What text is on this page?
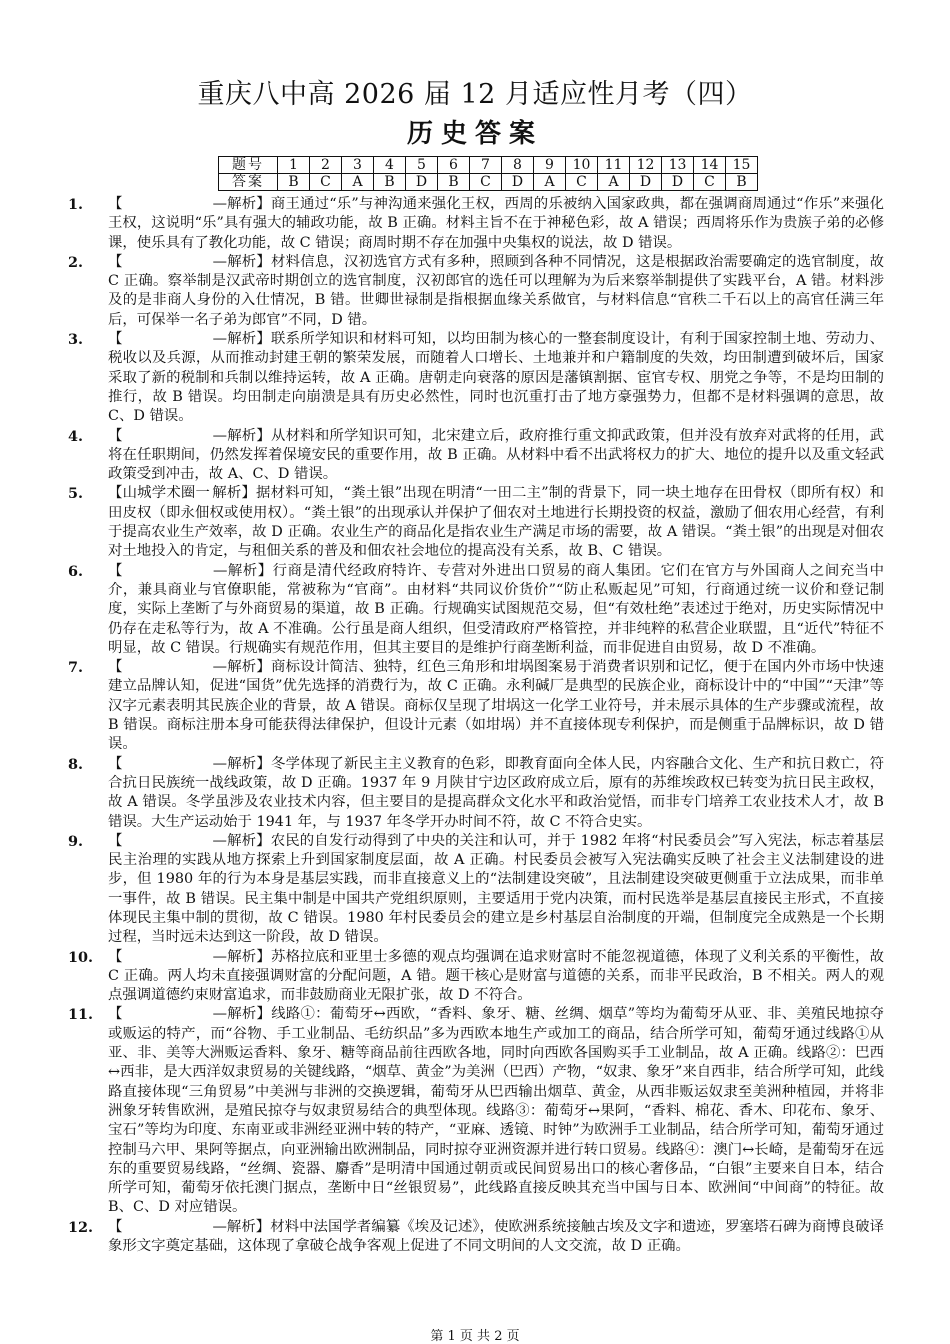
重庆八中高 2026 届 12 月适应性月考（四）
历史答案
题号	1	2	3	4	5	6	7	8	9	10	11	12	13	14	15
答案	B	C	A	B	D	B	C	D	A	C	A	D	D	C	B

1. 【	—解析】商王通过“乐”与神沟通来强化王权，西周的乐被纳入国家政典，都在强调商周通过“作乐”来强化王权，这说明“乐”具有强大的辅政功能，故 B 正确。材料主旨不在于神秘色彩，故 A 错误；西周将乐作为贵族子弟的必修课，使乐具有了教化功能，故 C 错误；商周时期不存在加强中央集权的说法，故 D 错误。

2. 【	—解析】材料信息，汉初选官方式有多种，照顾到各种不同情况，这是根据政治需要确定的选官制度，故 C 正确。察举制是汉武帝时期创立的选官制度，汉初郎官的选任可以理解为为后来察举制提供了实践平台，A 错。材料涉及的是非商人身份的入仕情况，B 错。世卿世禄制是指根据血缘关系做官，与材料信息“官秩二千石以上的高官任满三年后，可保举一名子弟为郎官”不同，D 错。

3. 【	—解析】联系所学知识和材料可知，以均田制为核心的一整套制度设计，有利于国家控制土地、劳动力、税收以及兵源，从而推动封建王朝的繁荣发展，而随着人口增长、土地兼并和户籍制度的失效，均田制遭到破坏后，国家采取了新的税制和兵制以维持运转，故 A 正确。唐朝走向衰落的原因是藩镇割据、宦官专权、朋党之争等，不是均田制的推行，故 B 错误。均田制走向崩溃是具有历史必然性，同时也沉重打击了地方豪强势力，但都不是材料强调的意思，故 C、D 错误。

4. 【	—解析】从材料和所学知识可知，北宋建立后，政府推行重文抑武政策，但并没有放弃对武将的任用，武将在任职期间，仍然发挥着保境安民的重要作用，故 B 正确。从材料中看不出武将权力的扩大、地位的提升以及重文轻武政策受到冲击，故 A、C、D 错误。

5. 【山城学术圈一 解析】据材料可知，“粪土银”出现在明清“一田二主”制的背景下，同一块土地存在田骨权（即所有权）和田皮权（即永佃权或使用权）。“粪土银”的出现承认并保护了佃农对土地进行长期投资的权益，激励了佃农用心经营，有利于提高农业生产效率，故 D 正确。农业生产的商品化是指农业生产满足市场的需要，故 A 错误。“粪土银”的出现是对佃农对土地投入的肯定，与租佃关系的普及和佃农社会地位的提高没有关系，故 B、C 错误。

6. 【	—解析】行商是清代经政府特许、专营对外进出口贸易的商人集团。它们在官方与外国商人之间充当中介，兼具商业与官僚职能，常被称为“官商”。由材料“共同议价货价”“防止私贩起见”可知，行商通过统一议价和登记制度，实际上垄断了与外商贸易的渠道，故 B 正确。行规确实试图规范交易，但“有效杜绝”表述过于绝对，历史实际情况中仍存在走私等行为，故 A 不准确。公行虽是商人组织，但受清政府严格管控，并非纯粹的私营企业联盟，且“近代”特征不明显，故 C 错误。行规确实有规范作用，但其主要目的是维护行商垄断利益，而非促进自由贸易，故 D 不准确。

7. 【	—解析】商标设计简洁、独特，红色三角形和坩埚图案易于消费者识别和记忆，便于在国内外市场中快速建立品牌认知，促进“国货”优先选择的消费行为，故 C 正确。永利碱厂是典型的民族企业，商标设计中的“中国”“天津”等汉字元素表明其民族企业的背景，故 A 错误。商标仅呈现了坩埚这一化学工业符号，并未展示具体的生产步骤或流程，故 B 错误。商标注册本身可能获得法律保护，但设计元素（如坩埚）并不直接体现专利保护，而是侧重于品牌标识，故 D 错误。

8. 【	—解析】冬学体现了新民主主义教育的色彩，即教育面向全体人民，内容融合文化、生产和抗日救亡，符合抗日民族统一战线政策，故 D 正确。1937 年 9 月陕甘宁边区政府成立后，原有的苏维埃政权已转变为抗日民主政权，故 A 错误。冬学虽涉及农业技术内容，但主要目的是提高群众文化水平和政治觉悟，而非专门培养工农业技术人才，故 B 错误。大生产运动始于 1941 年，与 1937 年冬学开办时间不符，故 C 不符合史实。

9. 【	—解析】农民的自发行动得到了中央的关注和认可，并于 1982 年将“村民委员会”写入宪法，标志着基层民主治理的实践从地方探索上升到国家制度层面，故 A 正确。村民委员会被写入宪法确实反映了社会主义法制建设的进步，但 1980 年的行为本身是基层实践，而非直接意义上的“法制建设突破”，且法制建设突破更侧重于立法成果，而非单一事件，故 B 错误。民主集中制是中国共产党组织原则，主要适用于党内决策，而村民选举是基层直接民主形式，不直接体现民主集中制的贯彻，故 C 错误。1980 年村民委员会的建立是乡村基层自治制度的开端，但制度完全成熟是一个长期过程，当时远未达到这一阶段，故 D 错误。

10. 【	—解析】苏格拉底和亚里士多德的观点均强调在追求财富时不能忽视道德，体现了义利关系的平衡性，故 C 正确。两人均未直接强调财富的分配问题，A 错。题干核心是财富与道德的关系，而非平民政治，B 不相关。两人的观点强调道德约束财富追求，而非鼓励商业无限扩张，故 D 不符合。

11. 【	—解析】线路①：葡萄牙↔西欧，“香料、象牙、糖、丝绸、烟草”等均为葡萄牙从亚、非、美殖民地掠夺或贩运的特产，而“谷物、手工业制品、毛纺织品”多为西欧本地生产或加工的商品，结合所学可知，葡萄牙通过线路①从亚、非、美等大洲贩运香料、象牙、糖等商品前往西欧各地，同时向西欧各国购买手工业制品，故 A 正确。线路②：巴西↔西非，是大西洋奴隶贸易的关键线路，“烟草、黄金”为美洲（巴西）产物，“奴隶、象牙”来自西非，结合所学可知，此线路直接体现“三角贸易”中美洲与非洲的交换逻辑，葡萄牙从巴西输出烟草、黄金，从西非贩运奴隶至美洲种植园，并将非洲象牙转售欧洲，是殖民掠夺与奴隶贸易结合的典型体现。线路③：葡萄牙↔果阿，“香料、棉花、香木、印花布、象牙、宝石”等均为印度、东南亚或非洲经亚洲中转的特产，“亚麻、透镜、时钟”为欧洲手工业制品，结合所学可知，葡萄牙通过控制马六甲、果阿等据点，向亚洲输出欧洲制品，同时掠夺亚洲资源并进行转口贸易。线路④：澳门↔长崎，是葡萄牙在远东的重要贸易线路，“丝绸、瓷器、麝香”是明清中国通过朝贡或民间贸易出口的核心奢侈品，“白银”主要来自日本，结合所学可知，葡萄牙依托澳门据点，垄断中日“丝银贸易”，此线路直接反映其充当中国与日本、欧洲间“中间商”的特征。故 B、C、D 对应错误。

12. 【	—解析】材料中法国学者编纂《埃及记述》，使欧洲系统接触古埃及文字和遗迹，罗塞塔石碑为商博良破译象形文字奠定基础，这体现了拿破仑战争客观上促进了不同文明间的人文交流，故 D 正确。

第 1 页 共 2 页
